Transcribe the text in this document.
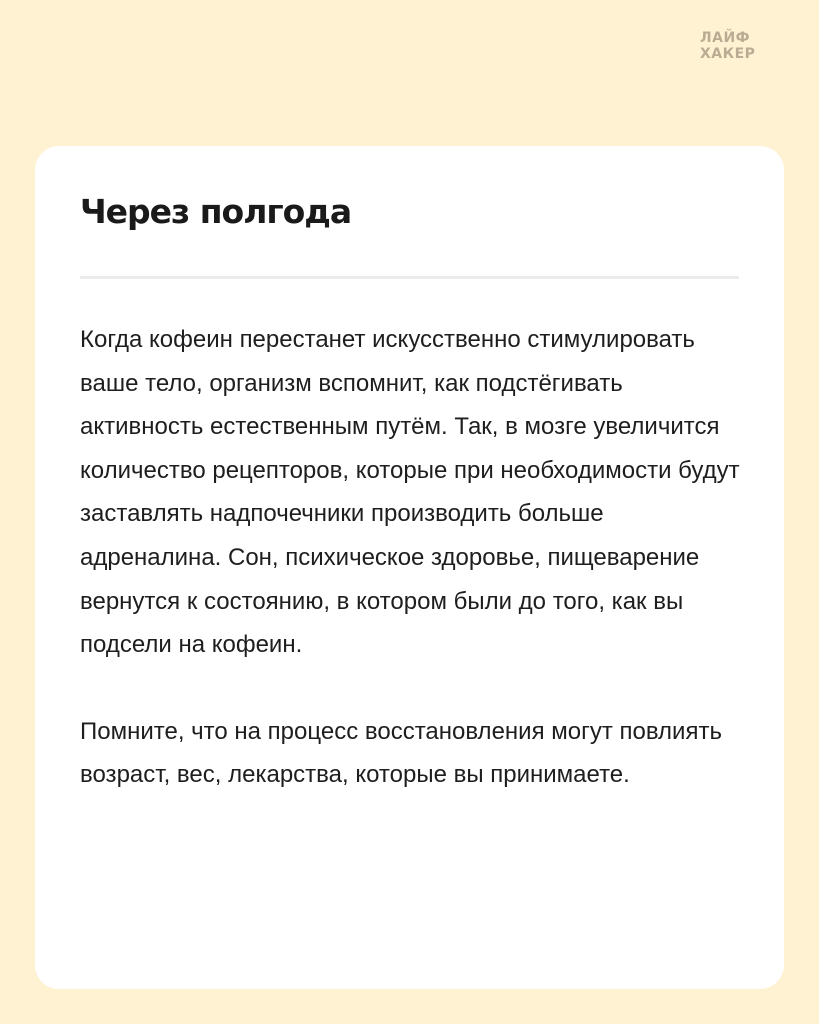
ЛАЙФ
ХАКЕР
Через полгода

Когда кофеин перестанет искусственно стимулировать ваше тело, организм вспомнит, как подстёгивать активность естественным путём. Так, в мозге увеличится количество рецепторов, которые при необходимости будут заставлять надпочечники производить больше адреналина. Сон, психическое здоровье, пищеварение вернутся к состоянию, в котором были до того, как вы подсели на кофеин.

Помните, что на процесс восстановления могут повлиять возраст, вес, лекарства, которые вы принимаете.
